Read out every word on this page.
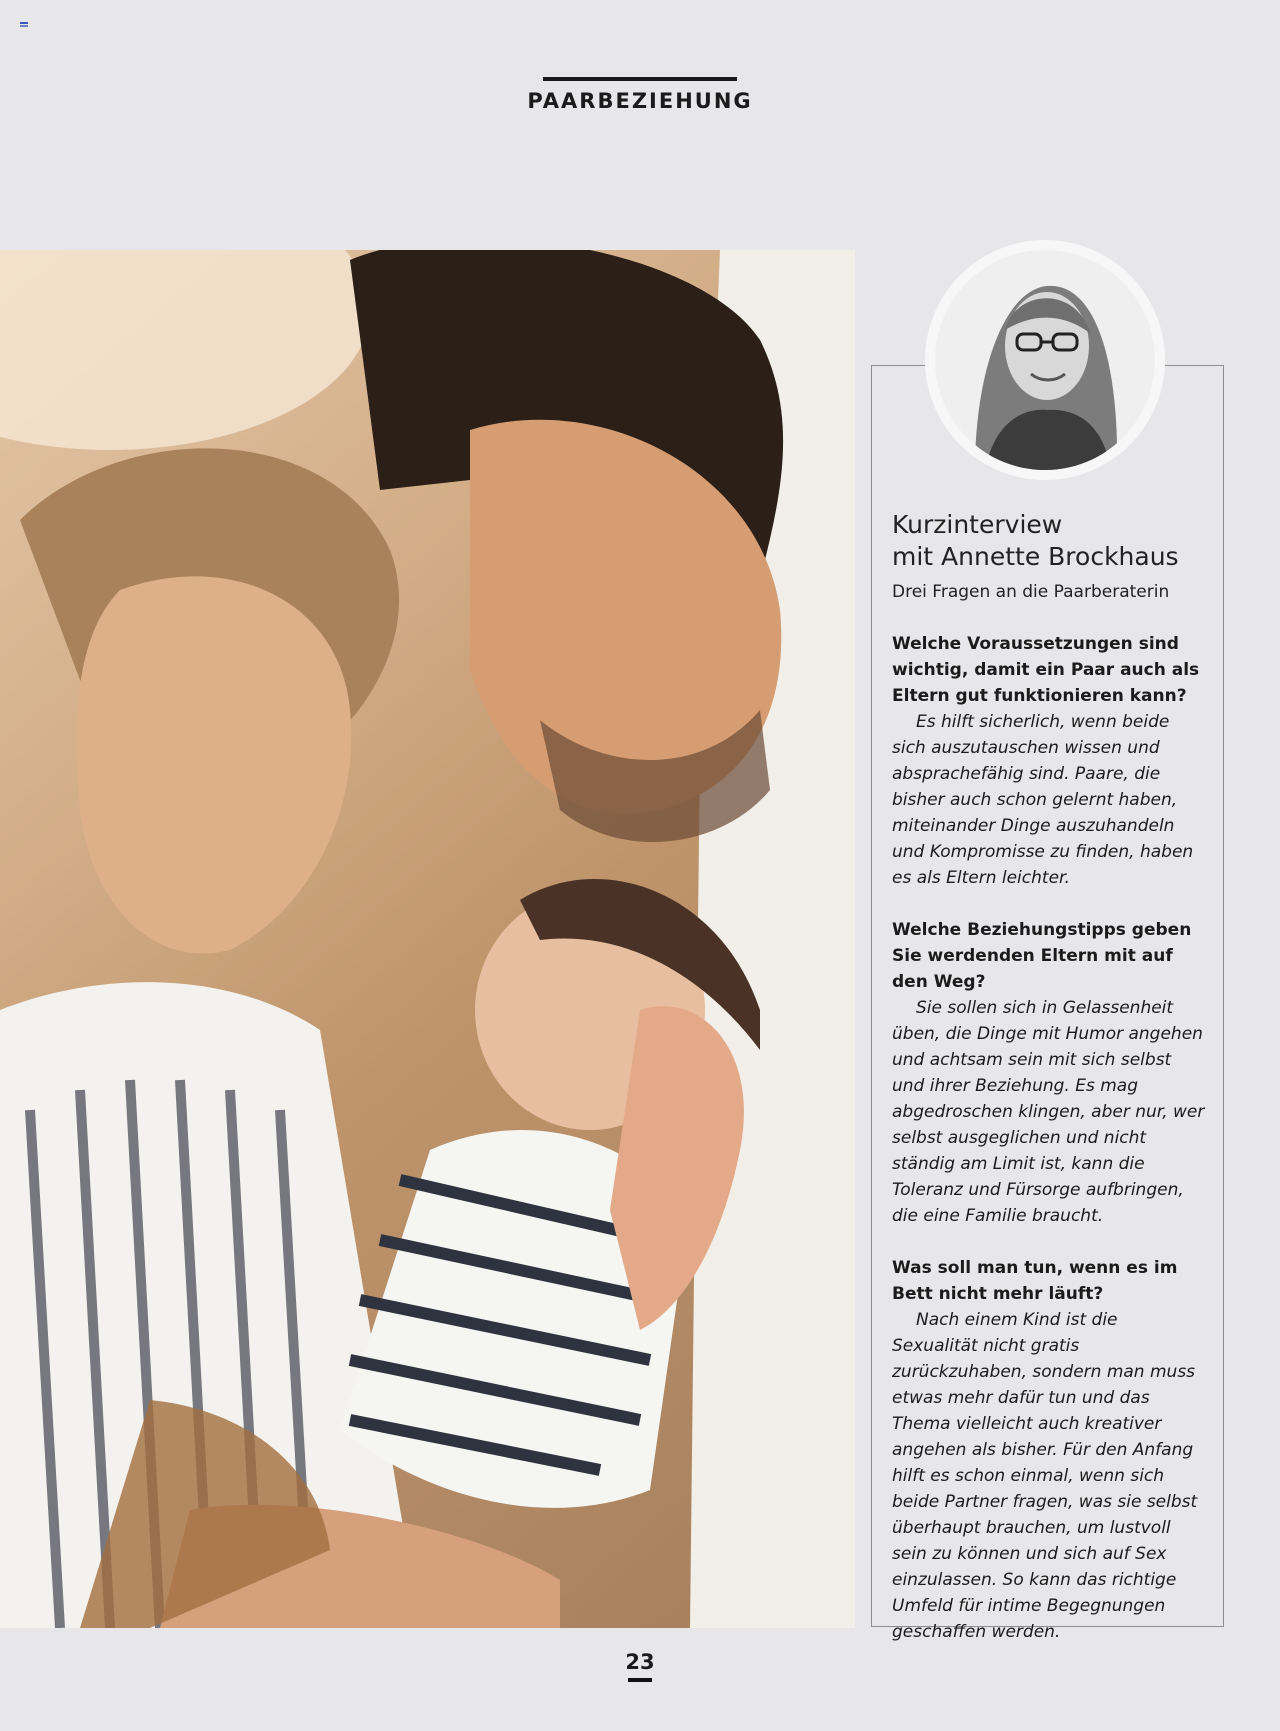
PAARBEZIEHUNG
Kurzinterview
mit Annette Brockhaus

Drei Fragen an die Paarberaterin

Welche Voraussetzungen sind wichtig, damit ein Paar auch als Eltern gut funktionieren kann?

Es hilft sicherlich, wenn beide sich auszutauschen wissen und absprachefähig sind. Paare, die bisher auch schon gelernt haben, miteinander Dinge auszuhandeln und Kompromisse zu finden, haben es als Eltern leichter.

Welche Beziehungstipps geben Sie werdenden Eltern mit auf den Weg?

Sie sollen sich in Gelassenheit üben, die Dinge mit Humor angehen und achtsam sein mit sich selbst und ihrer Beziehung. Es mag abgedroschen klingen, aber nur, wer selbst ausgeglichen und nicht ständig am Limit ist, kann die Toleranz und Fürsorge aufbringen, die eine Familie braucht.

Was soll man tun, wenn es im Bett nicht mehr läuft?

Nach einem Kind ist die Sexualität nicht gratis zurückzuhaben, sondern man muss etwas mehr dafür tun und das Thema vielleicht auch kreativer angehen als bisher. Für den Anfang hilft es schon einmal, wenn sich beide Partner fragen, was sie selbst überhaupt brauchen, um lustvoll sein zu können und sich auf Sex einzulassen. So kann das richtige Umfeld für intime Begegnungen geschaffen werden.

23
